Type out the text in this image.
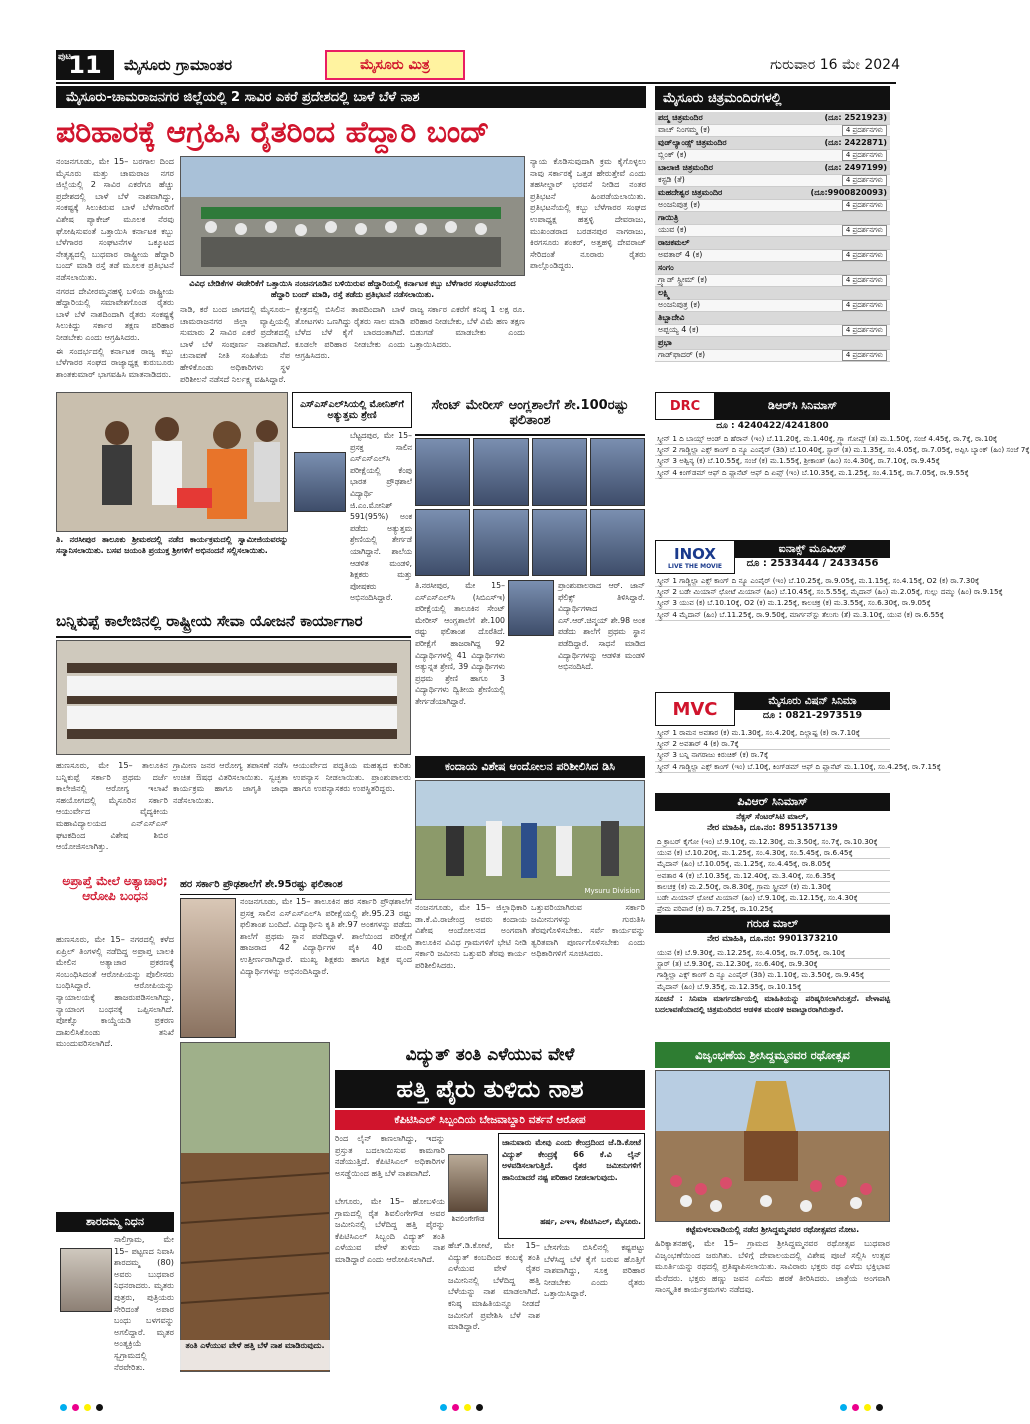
ಪುಟ
11	ಮೈಸೂರು ಗ್ರಾಮಾಂತರ	ಮೈಸೂರು ಮಿತ್ರ	ಗುರುವಾರ 16 ಮೇ 2024
ಮೈಸೂರು-ಚಾಮರಾಜನಗರ ಜಿಲ್ಲೆಯಲ್ಲಿ 2 ಸಾವಿರ ಎಕರೆ ಪ್ರದೇಶದಲ್ಲಿ ಬಾಳೆ ಬೆಳೆ ನಾಶ
ಪರಿಹಾರಕ್ಕೆ ಆಗ್ರಹಿಸಿ ರೈತರಿಂದ ಹೆದ್ದಾರಿ ಬಂದ್

ನಂಜನಗೂಡು, ಮೇ 15– ಬರಗಾಲ ದಿಂದ ಮೈಸೂರು ಮತ್ತು ಚಾಮರಾಜ ನಗರ ಜಿಲ್ಲೆಯಲ್ಲಿ 2 ಸಾವಿರ ಎಕರೆಗೂ ಹೆಚ್ಚು ಪ್ರದೇಶದಲ್ಲಿ ಬಾಳೆ ಬೆಳೆ ನಾಶವಾಗಿದ್ದು, ಸಂಕಷ್ಟಕ್ಕೆ ಸಿಲುಕಿರುವ ಬಾಳೆ ಬೆಳೆಗಾರರಿಗೆ ವಿಶೇಷ ಪ್ಯಾಕೇಜ್ ಮೂಲಕ ನೆರವು ಘೋಷಿಸುವಂತೆ ಒತ್ತಾಯಿಸಿ ಕರ್ನಾಟಕ ಕಬ್ಬು ಬೆಳೆಗಾರರ ಸಂಘಟನೆಗಳ ಒಕ್ಕೂಟದ ನೇತೃತ್ವದಲ್ಲಿ ಬುಧವಾರ ರಾಷ್ಟ್ರೀಯ ಹೆದ್ದಾರಿ ಬಂದ್ ಮಾಡಿ ರಸ್ತೆ ತಡೆ ಮೂಲಕ ಪ್ರತಿಭಟನೆ ನಡೆಸಲಾಯಿತು.

ನಗರದ ದೇವೀರಮ್ಮನಹಳ್ಳಿ ಬಳಿಯ ರಾಷ್ಟ್ರೀಯ ಹೆದ್ದಾರಿಯಲ್ಲಿ ಸಮಾವೇಶಗೊಂಡ ರೈತರು ಬಾಳೆ ಬೆಳೆ ನಾಶದಿಂದಾಗಿ ರೈತರು ಸಂಕಷ್ಟಕ್ಕೆ ಸಿಲುಕಿದ್ದು ಸರ್ಕಾರ ತಕ್ಷಣ ಪರಿಹಾರ ನೀಡಬೇಕು ಎಂದು ಆಗ್ರಹಿಸಿದರು.

ಈ ಸಂದರ್ಭದಲ್ಲಿ ಕರ್ನಾಟಕ ರಾಜ್ಯ ಕಬ್ಬು ಬೆಳೆಗಾರರ ಸಂಘದ ರಾಜ್ಯಾಧ್ಯಕ್ಷ ಕುರುಬೂರು ಶಾಂತಕುಮಾರ್ ಭಾಗವಹಿಸಿ ಮಾತನಾಡಿದರು.

ವಿವಿಧ ಬೇಡಿಕೆಗಳ ಈಡೇರಿಕೆಗೆ ಒತ್ತಾಯಿಸಿ ನಂಜನಗೂಡಿನ ಬಳಿಯಿರುವ ಹೆದ್ದಾರಿಯಲ್ಲಿ ಕರ್ನಾಟಕ ಕಬ್ಬು ಬೆಳೆಗಾರರ ಸಂಘಟನೆಯಿಂದ ಹೆದ್ದಾರಿ ಬಂದ್ ಮಾಡಿ, ರಸ್ತೆ ತಡೆದು ಪ್ರತಿಭಟನೆ ನಡೆಸಲಾಯಿತು.
ನಾಡಿ, ಕರೆ ಬಂದ ಜಾಗದಲ್ಲಿ ಮೈಸೂರು–ಚಾಮರಾಜನಗರ ಜಿಲ್ಲಾ ವ್ಯಾಪ್ತಿಯಲ್ಲಿ ಸುಮಾರು 2 ಸಾವಿರ ಎಕರೆ ಪ್ರದೇಶದಲ್ಲಿ ಬಾಳೆ ಬೆಳೆ ಸಂಪೂರ್ಣ ನಾಶವಾಗಿದೆ. ಚುನಾವಣೆ ನೀತಿ ಸಂಹಿತೆಯ ನೆಪ ಹೇಳಿಕೊಂಡು ಅಧಿಕಾರಿಗಳು ಸ್ಥಳ ಪರಿಶೀಲನೆ ನಡೆಸದೆ ನಿರ್ಲಕ್ಷ್ಯ ವಹಿಸಿದ್ದಾರೆ.
ಕ್ಷೇತ್ರದಲ್ಲಿ ಬಿಸಿಲಿನ ತಾಪದಿಂದಾಗಿ ಬಾಳೆ ತೋಟಗಳು ಒಣಗಿದ್ದು ರೈತರು ಸಾಲ ಮಾಡಿ ಬೆಳೆದ ಬೆಳೆ ಕೈಗೆ ಬಾರದಂತಾಗಿದೆ. ಕೂಡಲೇ ಪರಿಹಾರ ನೀಡಬೇಕು ಎಂದು ಆಗ್ರಹಿಸಿದರು.
ರಾಜ್ಯ ಸರ್ಕಾರ ಎಕರೆಗೆ ಕನಿಷ್ಠ 1 ಲಕ್ಷ ರೂ. ಪರಿಹಾರ ನೀಡಬೇಕು, ಬೆಳೆ ವಿಮೆ ಹಣ ತಕ್ಷಣ ಬಿಡುಗಡೆ ಮಾಡಬೇಕು ಎಂದು ಒತ್ತಾಯಿಸಿದರು.
ನ್ಯಾಯ ಕೊಡಿಸುವುದಾಗಿ ಕ್ರಮ ಕೈಗೊಳ್ಳಲು ನಾವು ಸರ್ಕಾರಕ್ಕೆ ಒತ್ತಡ ಹೇರುತ್ತೇವೆ ಎಂದು ತಹಸೀಲ್ದಾರ್ ಭರವಸೆ ನೀಡಿದ ನಂತರ ಪ್ರತಿಭಟನೆ ಹಿಂಪಡೆಯಲಾಯಿತು. ಪ್ರತಿಭಟನೆಯಲ್ಲಿ ಕಬ್ಬು ಬೆಳೆಗಾರರ ಸಂಘದ ಉಪಾಧ್ಯಕ್ಷ ಹತ್ತಳ್ಳಿ ದೇವರಾಜು, ಮುಖಂಡರಾದ ಬರಡನಪುರ ನಾಗರಾಜು, ಕಿರಗಸೂರು ಶಂಕರ್, ಅತ್ತಹಳ್ಳಿ ದೇವರಾಜ್ ಸೇರಿದಂತೆ ನೂರಾರು ರೈತರು ಪಾಲ್ಗೊಂಡಿದ್ದರು.
ತಿ. ನರಸೀಪುರ ತಾಲೂಕು ಶ್ರೀಮಠದಲ್ಲಿ ನಡೆದ ಕಾರ್ಯಕ್ರಮದಲ್ಲಿ ಸ್ವಾಮೀಜಿಯವರನ್ನು ಸನ್ಮಾನಿಸಲಾಯಿತು. ಬಸವ ಜಯಂತಿ ಪ್ರಯುಕ್ತ ಶ್ರೀಗಳಿಗೆ ಅಭಿನಂದನೆ ಸಲ್ಲಿಸಲಾಯಿತು.
ಎಸ್‌ಎಸ್‌ಎಲ್‌ಸಿಯಲ್ಲಿ ಮೋನಿಶ್‌ಗೆ ಅತ್ಯುತ್ತಮ ಶ್ರೇಣಿ
ಬೆಟ್ಟದಪುರ, ಮೇ 15– ಪ್ರಸಕ್ತ ಸಾಲಿನ ಎಸ್‌ಎಸ್‌ಎಲ್‌ಸಿ ಪರೀಕ್ಷೆಯಲ್ಲಿ ಕೆಂಪು ಭಾರತ ಪ್ರೌಢಶಾಲೆ ವಿದ್ಯಾರ್ಥಿ ಜಿ.ಎಂ.ಮೋನಿಶ್ 591(95%) ಅಂಕ ಪಡೆದು ಅತ್ಯುತ್ತಮ ಶ್ರೇಣಿಯಲ್ಲಿ ತೇರ್ಗಡೆ ಯಾಗಿದ್ದಾನೆ. ಶಾಲೆಯ ಆಡಳಿತ ಮಂಡಳಿ, ಶಿಕ್ಷಕರು ಮತ್ತು ಪೋಷಕರು ಅಭಿನಂದಿಸಿದ್ದಾರೆ.
ಸೇಂಟ್‌ ಮೇರೀಸ್‌ ಆಂಗ್ಲಶಾಲೆಗೆ ಶೇ.100ರಷ್ಟು ಫಲಿತಾಂಶ
ತಿ.ನರಸೀಪುರ, ಮೇ 15– ಎಸ್‌ಎಸ್‌ಎಲ್‌ಸಿ (ಸಿಬಿಎಸ್‌ಇ) ಪರೀಕ್ಷೆಯಲ್ಲಿ ತಾಲೂಕಿನ ಸೇಂಟ್ ಮೇರೀಸ್ ಆಂಗ್ಲಶಾಲೆಗೆ ಶೇ.100 ರಷ್ಟು ಫಲಿತಾಂಶ ದೊರೆತಿದೆ. ಪರೀಕ್ಷೆಗೆ ಹಾಜರಾಗಿದ್ದ 92 ವಿದ್ಯಾರ್ಥಿಗಳಲ್ಲಿ 41 ವಿದ್ಯಾರ್ಥಿಗಳು ಅತ್ಯುನ್ನತ ಶ್ರೇಣಿ, 39 ವಿದ್ಯಾರ್ಥಿಗಳು ಪ್ರಥಮ ಶ್ರೇಣಿ ಹಾಗೂ 3 ವಿದ್ಯಾರ್ಥಿಗಳು ದ್ವಿತೀಯ ಶ್ರೇಣಿಯಲ್ಲಿ ತೇರ್ಗಡೆಯಾಗಿದ್ದಾರೆ.
ಪ್ರಾಂಶುಪಾಲರಾದ ಆರ್. ಜಾನ್ ಫೆಲಿಕ್ಸ್ ತಿಳಿಸಿದ್ದಾರೆ. ವಿದ್ಯಾರ್ಥಿಗಳಾದ ಎಸ್.ಆರ್.ಚಿನ್ಮಯ್ ಶೇ.98 ಅಂಕ ಪಡೆದು ಶಾಲೆಗೆ ಪ್ರಥಮ ಸ್ಥಾನ ಪಡೆದಿದ್ದಾರೆ. ಸಾಧನೆ ಮಾಡಿದ ವಿದ್ಯಾರ್ಥಿಗಳನ್ನು ಆಡಳಿತ ಮಂಡಳಿ ಅಭಿನಂದಿಸಿದೆ.
ಬನ್ನಿಕುಪ್ಪೆ ಕಾಲೇಜಿನಲ್ಲಿ ರಾಷ್ಟ್ರೀಯ ಸೇವಾ ಯೋಜನೆ ಕಾರ್ಯಾಗಾರ
ಹುಣಸೂರು, ಮೇ 15– ತಾಲೂಕಿನ ಬನ್ನಿಕುಪ್ಪೆ ಸರ್ಕಾರಿ ಪ್ರಥಮ ದರ್ಜೆ ಕಾಲೇಜಿನಲ್ಲಿ ಆರೋಗ್ಯ ಇಲಾಖೆ ಸಹಯೋಗದಲ್ಲಿ ಮೈಸೂರಿನ ಸರ್ಕಾರಿ ಆಯುರ್ವೇದ ವೈದ್ಯಕೀಯ ಮಹಾವಿದ್ಯಾಲಯದ ಎನ್‌ಎಸ್‌ಎಸ್ ಘಟಕದಿಂದ ವಿಶೇಷ ಶಿಬಿರ ಆಯೋಜಿಸಲಾಗಿತ್ತು.
ಗ್ರಾಮೀಣ ಜನರ ಆರೋಗ್ಯ ತಪಾಸಣೆ ನಡೆಸಿ ಉಚಿತ ಔಷಧ ವಿತರಿಸಲಾಯಿತು. ಸ್ವಚ್ಛತಾ ಕಾರ್ಯಕ್ರಮ ಹಾಗೂ ಜಾಗೃತಿ ಜಾಥಾ ನಡೆಸಲಾಯಿತು.
ಆಯುರ್ವೇದ ಪದ್ಧತಿಯ ಮಹತ್ವದ ಕುರಿತು ಉಪನ್ಯಾಸ ನೀಡಲಾಯಿತು. ಪ್ರಾಂಶುಪಾಲರು ಹಾಗೂ ಉಪನ್ಯಾಸಕರು ಉಪಸ್ಥಿತರಿದ್ದರು.
ಕಂದಾಯ ವಿಶೇಷ ಆಂದೋಲನ ಪರಿಶೀಲಿಸಿದ ಡಿಸಿ
Mysuru Division
ನಂಜನಗೂಡು, ಮೇ 15– ಜಿಲ್ಲಾಧಿಕಾರಿ ಡಾ.ಕೆ.ವಿ.ರಾಜೇಂದ್ರ ಅವರು ಕಂದಾಯ ವಿಶೇಷ ಆಂದೋಲನದ ಅಂಗವಾಗಿ ತಾಲೂಕಿನ ವಿವಿಧ ಗ್ರಾಮಗಳಿಗೆ ಭೇಟಿ ನೀಡಿ ಸರ್ಕಾರಿ ಜಮೀನು ಒತ್ತುವರಿ ತೆರವು ಕಾರ್ಯ ಪರಿಶೀಲಿಸಿದರು.
ಒತ್ತುವರಿಯಾಗಿರುವ ಸರ್ಕಾರಿ ಜಮೀನುಗಳನ್ನು ಗುರುತಿಸಿ ತೆರವುಗೊಳಿಸಬೇಕು. ಸರ್ವೆ ಕಾರ್ಯವನ್ನು ತ್ವರಿತವಾಗಿ ಪೂರ್ಣಗೊಳಿಸಬೇಕು ಎಂದು ಅಧಿಕಾರಿಗಳಿಗೆ ಸೂಚಿಸಿದರು.
ಅಪ್ರಾಪ್ತೆ ಮೇಲೆ ಅತ್ಯಾಚಾರ; ಆರೋಪಿ ಬಂಧನ
ಹುಣಸೂರು, ಮೇ 15– ನಗರದಲ್ಲಿ ಕಳೆದ ಏಪ್ರಿಲ್ ತಿಂಗಳಲ್ಲಿ ನಡೆದಿದ್ದ ಅಪ್ರಾಪ್ತ ಬಾಲಕಿ ಮೇಲಿನ ಅತ್ಯಾಚಾರ ಪ್ರಕರಣಕ್ಕೆ ಸಂಬಂಧಿಸಿದಂತೆ ಆರೋಪಿಯನ್ನು ಪೊಲೀಸರು ಬಂಧಿಸಿದ್ದಾರೆ. ಆರೋಪಿಯನ್ನು ನ್ಯಾಯಾಲಯಕ್ಕೆ ಹಾಜರುಪಡಿಸಲಾಗಿದ್ದು, ನ್ಯಾಯಾಂಗ ಬಂಧನಕ್ಕೆ ಒಪ್ಪಿಸಲಾಗಿದೆ. ಪೋಕ್ಸೊ ಕಾಯ್ದೆಯಡಿ ಪ್ರಕರಣ ದಾಖಲಿಸಿಕೊಂಡು ತನಿಖೆ ಮುಂದುವರಿಸಲಾಗಿದೆ.
ಶಾರದಮ್ಮ ನಿಧನ

ಸಾಲಿಗ್ರಾಮ, ಮೇ 15– ಪಟ್ಟಣದ ನಿವಾಸಿ ಶಾರದಮ್ಮ (80) ಅವರು ಬುಧವಾರ ನಿಧನರಾದರು. ಮೃತರು ಪುತ್ರರು, ಪುತ್ರಿಯರು ಸೇರಿದಂತೆ ಅಪಾರ ಬಂಧು ಬಳಗವನ್ನು ಅಗಲಿದ್ದಾರೆ. ಮೃತರ ಅಂತ್ಯಕ್ರಿಯೆ ಸ್ವಗ್ರಾಮದಲ್ಲಿ ನೆರವೇರಿತು.

ಹರ ಸರ್ಕಾರಿ ಪ್ರೌಢಶಾಲೆಗೆ ಶೇ.95ರಷ್ಟು ಫಲಿತಾಂಶ
ನಂಜನಗೂಡು, ಮೇ 15– ತಾಲೂಕಿನ ಹರ ಸರ್ಕಾರಿ ಪ್ರೌಢಶಾಲೆಗೆ ಪ್ರಸಕ್ತ ಸಾಲಿನ ಎಸ್‌ಎಸ್‌ಎಲ್‌ಸಿ ಪರೀಕ್ಷೆಯಲ್ಲಿ ಶೇ.95.23 ರಷ್ಟು ಫಲಿತಾಂಶ ಬಂದಿದೆ. ವಿದ್ಯಾರ್ಥಿನಿ ಕೃತಿ ಶೇ.97 ಅಂಕಗಳನ್ನು ಪಡೆದು ಶಾಲೆಗೆ ಪ್ರಥಮ ಸ್ಥಾನ ಪಡೆದಿದ್ದಾಳೆ. ಶಾಲೆಯಿಂದ ಪರೀಕ್ಷೆಗೆ ಹಾಜರಾದ 42 ವಿದ್ಯಾರ್ಥಿಗಳ ಪೈಕಿ 40 ಮಂದಿ ಉತ್ತೀರ್ಣರಾಗಿದ್ದಾರೆ. ಮುಖ್ಯ ಶಿಕ್ಷಕರು ಹಾಗೂ ಶಿಕ್ಷಕ ವೃಂದ ವಿದ್ಯಾರ್ಥಿಗಳನ್ನು ಅಭಿನಂದಿಸಿದ್ದಾರೆ.
ತಂತಿ ಎಳೆಯುವ ವೇಳೆ ಹತ್ತಿ ಬೆಳೆ ನಾಶ ಮಾಡಿರುವುದು.
ವಿದ್ಯುತ್ ತಂತಿ ಎಳೆಯುವ ವೇಳೆ
ಹತ್ತಿ ಪೈರು ತುಳಿದು ನಾಶ
ಕೆಪಿಟಿಸಿಎಲ್ ಸಿಬ್ಬಂದಿಯ ಬೇಜವಾಬ್ದಾರಿ ವರ್ತನೆ ಆರೋಪ
ರಿಂದ ಲೈನ್‌ ಕಾಣಲಾಗಿದ್ದು, ಇದನ್ನು ಪ್ರಸ್ತುತ ಬದಲಾಯಿಸುವ ಕಾಮಗಾರಿ ನಡೆಯುತ್ತಿದೆ. ಕೆಪಿಟಿಸಿಎಲ್ ಅಧಿಕಾರಿಗಳ ಅಸಡ್ಡೆಯಿಂದ ಹತ್ತಿ ಬೆಳೆ ನಾಶವಾಗಿದೆ.
ಬೇಗೂರು, ಮೇ 15– ಹೋಬಳಿಯ ಗ್ರಾಮದಲ್ಲಿ ರೈತ ಶಿವಲಿಂಗೇಗೌಡ ಅವರ ಜಮೀನಿನಲ್ಲಿ ಬೆಳೆದಿದ್ದ ಹತ್ತಿ ಪೈರನ್ನು ಕೆಪಿಟಿಸಿಎಲ್ ಸಿಬ್ಬಂದಿ ವಿದ್ಯುತ್ ತಂತಿ ಎಳೆಯುವ ವೇಳೆ ತುಳಿದು ನಾಶ ಮಾಡಿದ್ದಾರೆ ಎಂದು ಆರೋಪಿಸಲಾಗಿದೆ.
ಶಿವಲಿಂಗೇಗೌಡ
ಹೆಚ್.ಡಿ.ಕೋಟೆ, ಮೇ 15– ವಿದ್ಯುತ್ ಕಂಬದಿಂದ ಕಂಬಕ್ಕೆ ತಂತಿ ಎಳೆಯುವ ವೇಳೆ ರೈತರ ಜಮೀನಿನಲ್ಲಿ ಬೆಳೆದಿದ್ದ ಹತ್ತಿ ಬೆಳೆಯನ್ನು ನಾಶ ಮಾಡಲಾಗಿದೆ. ಕನಿಷ್ಠ ಮಾಹಿತಿಯನ್ನೂ ನೀಡದೆ ಜಮೀನಿಗೆ ಪ್ರವೇಶಿಸಿ ಬೆಳೆ ನಾಶ ಮಾಡಿದ್ದಾರೆ.
ಜಾನುವಾರು ಮೇವು ಎಂದು ಕೇಂದ್ರದಿಂದ ಜೆ.ಡಿ.ಕೋಟೆ ವಿದ್ಯುತ್ ಕೇಂದ್ರಕ್ಕೆ 66 ಕೆ.ವಿ ಲೈನ್ ಅಳವಡಿಸಲಾಗುತ್ತಿದೆ. ರೈತರ ಜಮೀನುಗಳಿಗೆ ಹಾನಿಯಾದರೆ ನಷ್ಟ ಪರಿಹಾರ ನೀಡಲಾಗುವುದು.
ಹರ್ಷ, ಎಇಇ, ಕೆಪಿಟಿಸಿಎಲ್, ಮೈಸೂರು.
ಬೇಸಗೆಯ ಬಿಸಿಲಿನಲ್ಲಿ ಕಷ್ಟಪಟ್ಟು ಬೆಳೆಸಿದ್ದ ಬೆಳೆ ಕೈಗೆ ಬರುವ ಹೊತ್ತಿಗೆ ನಾಶವಾಗಿದ್ದು, ಸೂಕ್ತ ಪರಿಹಾರ ನೀಡಬೇಕು ಎಂದು ರೈತರು ಒತ್ತಾಯಿಸಿದ್ದಾರೆ.
ಮೈಸೂರು ಚಿತ್ರಮಂದಿರಗಳಲ್ಲಿ
ಪದ್ಮ ಚಿತ್ರಮಂದಿರ	(ದೂ: 2521923)
ವಾಚ್‌ ನಿಂಗಮ್ಮ (ಕ)	4 ಪ್ರದರ್ಶನಗಳು
ವುಡ್‌ಲ್ಯಾಂಡ್ಸ್ ಚಿತ್ರಮಂದಿರ	(ದೂ: 2422871)
ಬ್ಲಿಂಕ್ (ಕ)	4 ಪ್ರದರ್ಶನಗಳು
ಬಾಲಾಜಿ ಚಿತ್ರಮಂದಿರ	(ದೂ: 2497199)
ಕಸ್ಟಡಿ (ತೆ)	4 ಪ್ರದರ್ಶನಗಳು
ಮಹದೇಶ್ವರ ಚಿತ್ರಮಂದಿರ	(ದೂ:9900820093)
ಅಂಜನಿಪುತ್ರ (ಕ)	4 ಪ್ರದರ್ಶನಗಳು
ಗಾಯಿತ್ರಿ
ಯುವ (ಕ)	4 ಪ್ರದರ್ಶನಗಳು
ರಾಜಕಮಲ್
ಅವತಾರ್ 4 (ಕ)	4 ಪ್ರದರ್ಶನಗಳು
ಸಂಗಂ
ಗ್ರ್ಯಾಡ್ ಸ್ಟ್ರೀಮ್ (ಕ)	4 ಪ್ರದರ್ಶನಗಳು
ಲಕ್ಷ್ಮಿ
ಅಂಜನಿಪುತ್ರ (ಕ)	4 ಪ್ರದರ್ಶನಗಳು
ತಿಬ್ಬಾದೇವಿ
ಅಪ್ಪಯ್ಯ 4 (ಕ)	4 ಪ್ರದರ್ಶನಗಳು
ಪ್ರಭಾ
ಗಾಡ್‌ಫಾದರ್ (ಕ)	4 ಪ್ರದರ್ಶನಗಳು
DRC	ಡಿಆರ್‌ಸಿ ಸಿನಿಮಾಸ್
ದೂ : 4240422/4241800
ಸ್ಕ್ರೀನ್ 1 ದಿ ಬಾಯ್ಸ್ ಆಂಡ್ ದಿ ಹೆರಾನ್ (ಇಂ) ಬೆ.11.20ಕ್ಕೆ, ಮ.1.40ಕ್ಕೆ, ಗ್ರ್ಯಾ ಗೋಪ್ಸ್ (ತ) ಮ.1.50ಕ್ಕೆ, ಸಂಜೆ 4.45ಕ್ಕೆ, ರಾ.7ಕ್ಕೆ, ರಾ.10ಕ್ಕೆ
ಸ್ಕ್ರೀನ್ 2 ಗಾಡ್ಜಿಲ್ಲಾ ಎಕ್ಸ್ ಕಾಂಗ್ ದಿ ನ್ಯೂ ಎಂಪೈರ್ (3ಡಿ) ಬೆ.10.40ಕ್ಕೆ, ಸ್ಟಾರ್ (ತ) ಮ.1.35ಕ್ಕೆ, ಸಂ.4.05ಕ್ಕೆ, ರಾ.7.05ಕ್ಕೆ, ಅಪ್ಪಿಸಿ ಬ್ಯಾಂಕ್ (ಹಿಂ) ಸಂಜೆ 7ಕ್ಕೆ
ಸ್ಕ್ರೀನ್ 3 ಅಶ್ವಿನ್ಯ (ಕ) ಬೆ.10.55ಕ್ಕೆ, ಸಂಜೆ (ಕ) ಮ.1.55ಕ್ಕೆ, ಶ್ರೀಕಾಂತ್ (ಹಿಂ) ಸಂ.4.30ಕ್ಕೆ, ರಾ.7.10ಕ್ಕೆ, ರಾ.9.45ಕ್ಕೆ
ಸ್ಕ್ರೀನ್ 4 ಕಿಂಗ್‌ಡಮ್ ಆಫ್ ದಿ ಪ್ಲಾನೆಟ್ ಆಫ್ ದಿ ಏಪ್ಸ್ (ಇಂ) ಬೆ.10.35ಕ್ಕೆ, ಮ.1.25ಕ್ಕೆ, ಸಂ.4.15ಕ್ಕೆ, ರಾ.7.05ಕ್ಕೆ, ರಾ.9.55ಕ್ಕೆ
INOX
LIVE THE MOVIE
ಐನಾಕ್ಸ್ ಮೂವೀಸ್
ದೂ : 2533444 / 2433456
ಸ್ಕ್ರೀನ್ 1 ಗಾಡ್ಜಿಲ್ಲಾ ಎಕ್ಸ್ ಕಾಂಗ್ ದಿ ನ್ಯೂ ಎಂಪೈರ್ (ಇಂ) ಬೆ.10.25ಕ್ಕೆ, ರಾ.9.05ಕ್ಕೆ, ಮ.1.15ಕ್ಕೆ, ಸಂ.4.15ಕ್ಕೆ, O2 (ಕ) ರಾ.7.30ಕ್ಕೆ
ಸ್ಕ್ರೀನ್ 2 ಬಡೇ ಮಿಯಾನ್ ಛೋಟೆ ಮಿಯಾನ್ (ಹಿಂ) ಬೆ.10.45ಕ್ಕೆ, ಸಂ.5.55ಕ್ಕೆ, ಮೈದಾನ್ (ಹಿಂ) ಮ.2.05ಕ್ಕೆ, ಗುಲ್ಲು ದಮ್ಮು (ಹಿಂ) ರಾ.9.15ಕ್ಕೆ
ಸ್ಕ್ರೀನ್ 3 ಯುವ (ಕ) ಬೆ.10.10ಕ್ಕೆ, O2 (ಕ) ಮ.1.25ಕ್ಕೆ, ಕಾಲಚಕ್ರ (ಕ) ಮ.3.55ಕ್ಕೆ, ಸಂ.6.30ಕ್ಕೆ, ರಾ.9.05ಕ್ಕೆ
ಸ್ಕ್ರೀನ್ 4 ಮೈದಾನ್ (ಹಿಂ) ಬೆ.11.25ಕ್ಕೆ, ರಾ.9.50ಕ್ಕೆ, ಮಾರ್ಗನ್‌ಸ್ಟು ತೆಲುಗು (ತೆ) ಮ.3.10ಕ್ಕೆ, ಯುವ (ಕ) ರಾ.6.55ಕ್ಕೆ
MVC	ಮೈಸೂರು ವಿಷನ್ ಸಿನಿಮಾ
ದೂ : 0821-2973519
ಸ್ಕ್ರೀನ್ 1 ರಾಮನ ಅವತಾರ (ಕ) ಮ.1.30ಕ್ಕೆ, ಸಂ.4.20ಕ್ಕೆ, ದಿಲ್ಲಾಷ್ಟ (ಕ) ರಾ.7.10ಕ್ಕೆ
ಸ್ಕ್ರೀನ್ 2 ಅವತಾರ್ 4 (ಕ) ರಾ.7ಕ್ಕೆ
ಸ್ಕ್ರೀನ್ 3 ಬನ್ನಿ ನಾಗರಾಜು ಕಿರುಚಿಕ್ (ಕ) ರಾ.7ಕ್ಕೆ
ಸ್ಕ್ರೀನ್ 4 ಗಾಡ್ಜಿಲ್ಲಾ ಎಕ್ಸ್ ಕಾಂಗ್ (ಇಂ) ಬೆ.10ಕ್ಕೆ, ಕಿಂಗ್‌ಡಮ್ ಆಫ್ ದಿ ಪ್ಲಾನೆಟ್ ಮ.1.10ಕ್ಕೆ, ಸಂ.4.25ಕ್ಕೆ, ರಾ.7.15ಕ್ಕೆ
ಪಿವಿಆರ್ ಸಿನಿಮಾಸ್
ನೆಕ್ಸಸ್ ಸೆಂಟರ್‌ಸಿಟಿ ಮಾಲ್,
ನೇರ ಮಾಹಿತಿ, ದೂ.ನಂ: 8951357139
ದಿ ಕ್ರಾಬರ್ ಕೈಗೋ (ಇಂ) ಬೆ.9.10ಕ್ಕೆ, ಮ.12.30ಕ್ಕೆ, ಮ.3.50ಕ್ಕೆ, ಸಂ.7ಕ್ಕೆ, ರಾ.10.30ಕ್ಕೆ
ಯುವ (ಕ) ಬೆ.10.20ಕ್ಕೆ, ಮ.1.25ಕ್ಕೆ, ಸಂ.4.30ಕ್ಕೆ, ಸಂ.5.45ಕ್ಕೆ, ರಾ.6.45ಕ್ಕೆ
ಮೈದಾನ್ (ಹಿಂ) ಬೆ.10.05ಕ್ಕೆ, ಮ.1.25ಕ್ಕೆ, ಸಂ.4.45ಕ್ಕೆ, ರಾ.8.05ಕ್ಕೆ
ಅವತಾರ 4 (ಕ) ಬೆ.10.35ಕ್ಕೆ, ಮ.12.40ಕ್ಕೆ, ಮ.3.40ಕ್ಕೆ, ಸಂ.6.35ಕ್ಕೆ
ಕಾಲಚಕ್ರ (ಕ) ಮ.2.50ಕ್ಕೆ, ರಾ.8.30ಕ್ಕೆ, ಗ್ರಾಮ ಸ್ಟ್ರೀಮ್ (ಕ) ಮ.1.30ಕ್ಕೆ
ಬಡೇ ಮಿಯಾನ್ ಛೋಟೆ ಮಿಯಾನ್ (ಹಿಂ) ಬೆ.9.10ಕ್ಕೆ, ಮ.12.15ಕ್ಕೆ, ಸಂ.4.30ಕ್ಕೆ
ಪ್ರೇಮ ಪರಿಪಾರೆ (ಕ) ರಾ.7.25ಕ್ಕೆ, ರಾ.10.25ಕ್ಕೆ
ಗರುಡ ಮಾಲ್
ನೇರ ಮಾಹಿತಿ, ದೂ.ನಂ: 9901373210
ಯುವ (ಕ) ಬೆ.9.30ಕ್ಕೆ, ಮ.12.25ಕ್ಕೆ, ಸಂ.4.05ಕ್ಕೆ, ರಾ.7.05ಕ್ಕೆ, ರಾ.10ಕ್ಕೆ
ಸ್ಟಾರ್ (ತ) ಬೆ.9.30ಕ್ಕೆ, ಮ.12.30ಕ್ಕೆ, ಸಂ.6.40ಕ್ಕೆ, ರಾ.9.30ಕ್ಕೆ
ಗಾಡ್ಜಿಲ್ಲಾ ಎಕ್ಸ್ ಕಾಂಗ್ ದಿ ನ್ಯೂ ಎಂಪೈರ್ (3ಡಿ) ಮ.1.10ಕ್ಕೆ, ಮ.3.50ಕ್ಕೆ, ರಾ.9.45ಕ್ಕೆ
ಮೈದಾನ್ (ಹಿಂ) ಬೆ.9.35ಕ್ಕೆ, ಮ.12.35ಕ್ಕೆ, ರಾ.10.15ಕ್ಕೆ
ಸೂಚನೆ : ಸಿನಿಮಾ ಮಾರ್ಗದರ್ಶಿಯಲ್ಲಿ ಮಾಹಿತಿಯನ್ನು ಪರಿಷ್ಕರಿಸಲಾಗಿರುತ್ತದೆ. ವೇಳಾಪಟ್ಟಿ ಬದಲಾವಣೆಯಾದಲ್ಲಿ ಚಿತ್ರಮಂದಿರದ ಆಡಳಿತ ಮಂಡಳಿ ಜವಾಬ್ದಾರರಾಗಿರುತ್ತಾರೆ.
ವಿಜೃಂಭಣೆಯ ಶ್ರೀಸಿದ್ದಮ್ಮನವರ ರಥೋತ್ಸವ
ಕಟ್ಟೆಮಳಲವಾಡಿಯಲ್ಲಿ ನಡೆದ ಶ್ರೀಸಿದ್ದಮ್ಮನವರ ರಥೋತ್ಸವದ ನೋಟ.
ಹಿರಿಕ್ಯಾತನಹಳ್ಳಿ, ಮೇ 15– ಗ್ರಾಮದ ಶ್ರೀಸಿದ್ದಮ್ಮನವರ ರಥೋತ್ಸವ ಬುಧವಾರ ವಿಜೃಂಭಣೆಯಿಂದ ಜರುಗಿತು. ಬೆಳಿಗ್ಗೆ ದೇವಾಲಯದಲ್ಲಿ ವಿಶೇಷ ಪೂಜೆ ಸಲ್ಲಿಸಿ ಉತ್ಸವ ಮೂರ್ತಿಯನ್ನು ರಥದಲ್ಲಿ ಪ್ರತಿಷ್ಠಾಪಿಸಲಾಯಿತು. ಸಾವಿರಾರು ಭಕ್ತರು ರಥ ಎಳೆದು ಭಕ್ತಿಭಾವ ಮೆರೆದರು. ಭಕ್ತರು ಹಣ್ಣು ಜವನ ಎಸೆದು ಹರಕೆ ತೀರಿಸಿದರು. ಜಾತ್ರೆಯ ಅಂಗವಾಗಿ ಸಾಂಸ್ಕೃತಿಕ ಕಾರ್ಯಕ್ರಮಗಳು ನಡೆದವು.
